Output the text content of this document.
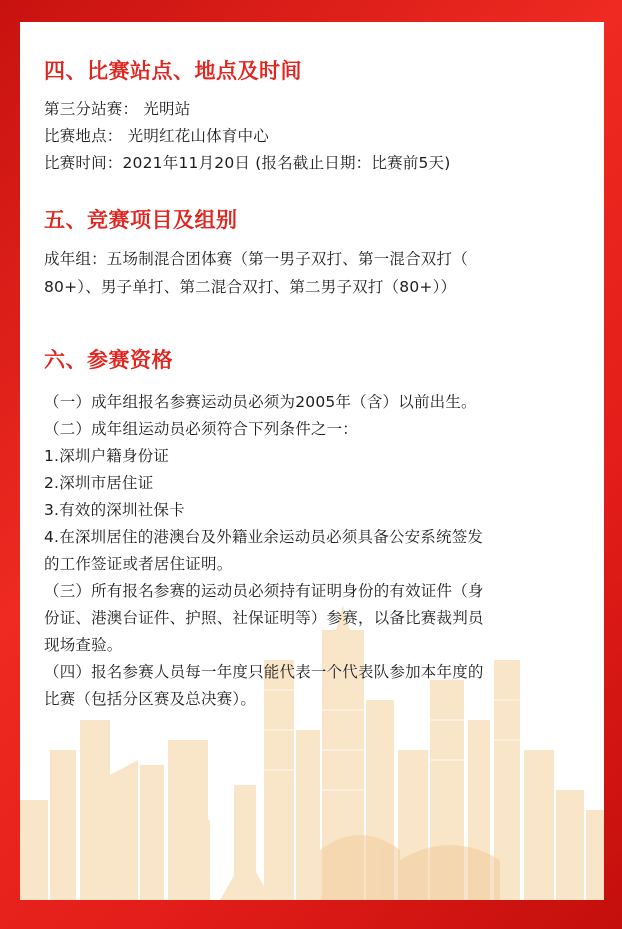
四、比赛站点、地点及时间
第三分站赛： 光明站
比赛地点： 光明红花山体育中心
比赛时间：2021年11月20日 (报名截止日期：比赛前5天)
五、竞赛项目及组别
成年组：五场制混合团体赛（第一男子双打、第一混合双打（
80+）、男子单打、第二混合双打、第二男子双打（80+））
六、参赛资格
（一）成年组报名参赛运动员必须为2005年（含）以前出生。
（二）成年组运动员必须符合下列条件之一：
1.深圳户籍身份证
2.深圳市居住证
3.有效的深圳社保卡
4.在深圳居住的港澳台及外籍业余运动员必须具备公安系统签发
的工作签证或者居住证明。
（三）所有报名参赛的运动员必须持有证明身份的有效证件（身
份证、港澳台证件、护照、社保证明等）参赛，以备比赛裁判员
现场查验。
（四）报名参赛人员每一年度只能代表一个代表队参加本年度的
比赛（包括分区赛及总决赛）。
